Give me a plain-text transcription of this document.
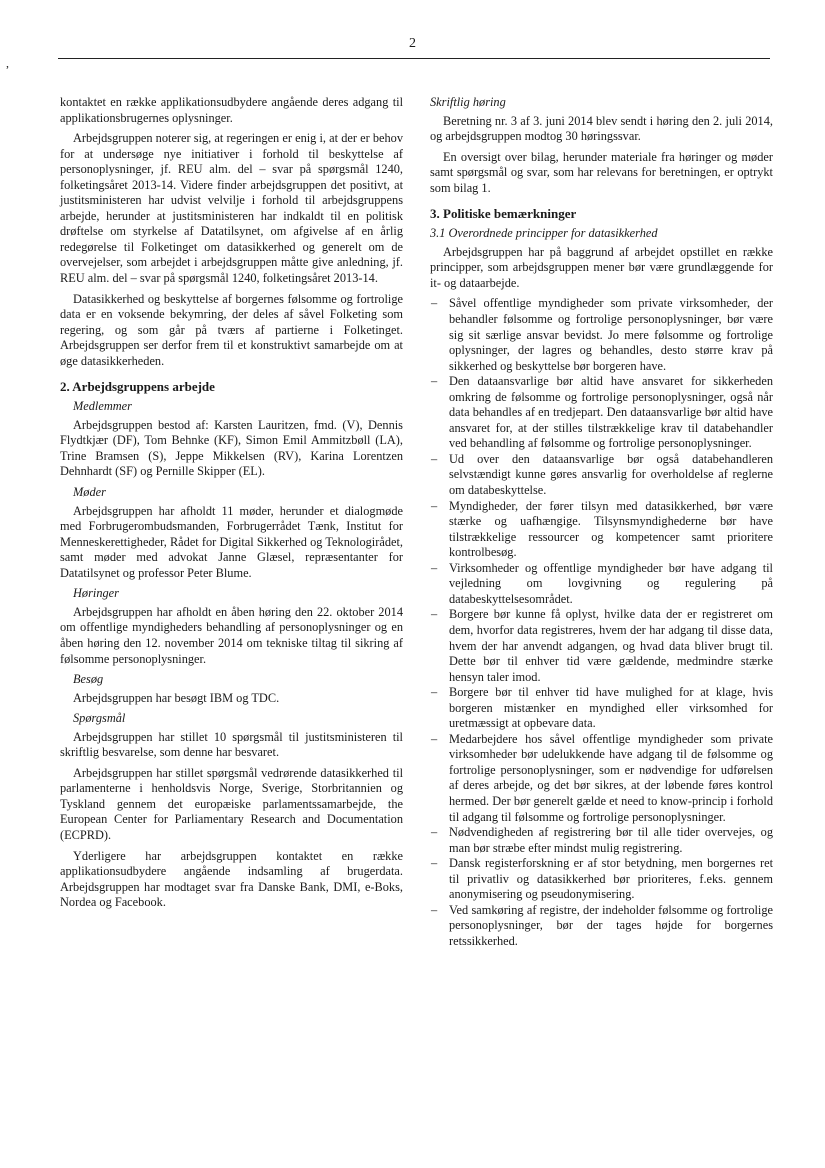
,
2

kontaktet en række applikationsudbydere angående deres adgang til applikationsbrugernes oplysninger.

Arbejdsgruppen noterer sig, at regeringen er enig i, at der er behov for at undersøge nye initiativer i forhold til beskyttelse af personoplysninger, jf. REU alm. del – svar på spørgsmål 1240, folketingsåret 2013-14. Videre finder arbejdsgruppen det positivt, at justitsministeren har udvist velvilje i forhold til arbejdsgruppens arbejde, herunder at justitsministeren har indkaldt til en politisk drøftelse om styrkelse af Datatilsynet, om afgivelse af en årlig redegørelse til Folketinget om datasikkerhed og generelt om de overvejelser, som arbejdet i arbejdsgruppen måtte give anledning, jf. REU alm. del – svar på spørgsmål 1240, folketingsåret 2013-14.

Datasikkerhed og beskyttelse af borgernes følsomme og fortrolige data er en voksende bekymring, der deles af såvel Folketing som regering, og som går på tværs af partierne i Folketinget. Arbejdsgruppen ser derfor frem til et konstruktivt samarbejde om at øge datasikkerheden.

2. Arbejdsgruppens arbejde
Medlemmer

Arbejdsgruppen bestod af: Karsten Lauritzen, fmd. (V), Dennis Flydtkjær (DF), Tom Behnke (KF), Simon Emil Ammitzbøll (LA), Trine Bramsen (S), Jeppe Mikkelsen (RV), Karina Lorentzen Dehnhardt (SF) og Pernille Skipper (EL).

Møder

Arbejdsgruppen har afholdt 11 møder, herunder et dialogmøde med Forbrugerombudsmanden, Forbrugerrådet Tænk, Institut for Menneskerettigheder, Rådet for Digital Sikkerhed og Teknologirådet, samt møder med advokat Janne Glæsel, repræsentanter for Datatilsynet og professor Peter Blume.

Høringer

Arbejdsgruppen har afholdt en åben høring den 22. oktober 2014 om offentlige myndigheders behandling af personoplysninger og en åben høring den 12. november 2014 om tekniske tiltag til sikring af følsomme personoplysninger.

Besøg

Arbejdsgruppen har besøgt IBM og TDC.

Spørgsmål

Arbejdsgruppen har stillet 10 spørgsmål til justitsministeren til skriftlig besvarelse, som denne har besvaret.

Arbejdsgruppen har stillet spørgsmål vedrørende datasikkerhed til parlamenterne i henholdsvis Norge, Sverige, Storbritannien og Tyskland gennem det europæiske parlamentssamarbejde, the European Center for Parliamentary Research and Documentation (ECPRD).

Yderligere har arbejdsgruppen kontaktet en række applikationsudbydere angående indsamling af brugerdata. Arbejdsgruppen har modtaget svar fra Danske Bank, DMI, e-Boks, Nordea og Facebook.

Skriftlig høring

Beretning nr. 3 af 3. juni 2014 blev sendt i høring den 2. juli 2014, og arbejdsgruppen modtog 30 høringssvar.

En oversigt over bilag, herunder materiale fra høringer og møder samt spørgsmål og svar, som har relevans for beretningen, er optrykt som bilag 1.

3. Politiske bemærkninger
3.1 Overordnede principper for datasikkerhed

Arbejdsgruppen har på baggrund af arbejdet opstillet en række principper, som arbejdsgruppen mener bør være grundlæggende for it- og dataarbejde.

– Såvel offentlige myndigheder som private virksomheder, der behandler følsomme og fortrolige personoplysninger, bør være sig sit særlige ansvar bevidst. Jo mere følsomme og fortrolige oplysninger, der lagres og behandles, desto større krav på sikkerhed og beskyttelse bør borgeren have.
– Den dataansvarlige bør altid have ansvaret for sikkerheden omkring de følsomme og fortrolige personoplysninger, også når data behandles af en tredjepart. Den dataansvarlige bør altid have ansvaret for, at der stilles tilstrækkelige krav til databehandler ved behandling af følsomme og fortrolige personoplysninger.
– Ud over den dataansvarlige bør også databehandleren selvstændigt kunne gøres ansvarlig for overholdelse af reglerne om databeskyttelse.
– Myndigheder, der fører tilsyn med datasikkerhed, bør være stærke og uafhængige. Tilsynsmyndighederne bør have tilstrækkelige ressourcer og kompetencer samt prioritere kontrolbesøg.
– Virksomheder og offentlige myndigheder bør have adgang til vejledning om lovgivning og regulering på databeskyttelsesområdet.
– Borgere bør kunne få oplyst, hvilke data der er registreret om dem, hvorfor data registreres, hvem der har adgang til disse data, hvem der har anvendt adgangen, og hvad data bliver brugt til. Dette bør til enhver tid være gældende, medmindre stærke hensyn taler imod.
– Borgere bør til enhver tid have mulighed for at klage, hvis borgeren mistænker en myndighed eller virksomhed for uretmæssigt at opbevare data.
– Medarbejdere hos såvel offentlige myndigheder som private virksomheder bør udelukkende have adgang til de følsomme og fortrolige personoplysninger, som er nødvendige for udførelsen af deres arbejde, og det bør sikres, at der løbende føres kontrol hermed. Der bør generelt gælde et need to know-princip i forhold til adgang til følsomme og fortrolige personoplysninger.
– Nødvendigheden af registrering bør til alle tider overvejes, og man bør stræbe efter mindst mulig registrering.
– Dansk registerforskning er af stor betydning, men borgernes ret til privatliv og datasikkerhed bør prioriteres, f.eks. gennem anonymisering og pseudonymisering.
– Ved samkøring af registre, der indeholder følsomme og fortrolige personoplysninger, bør der tages højde for borgernes retssikkerhed.
